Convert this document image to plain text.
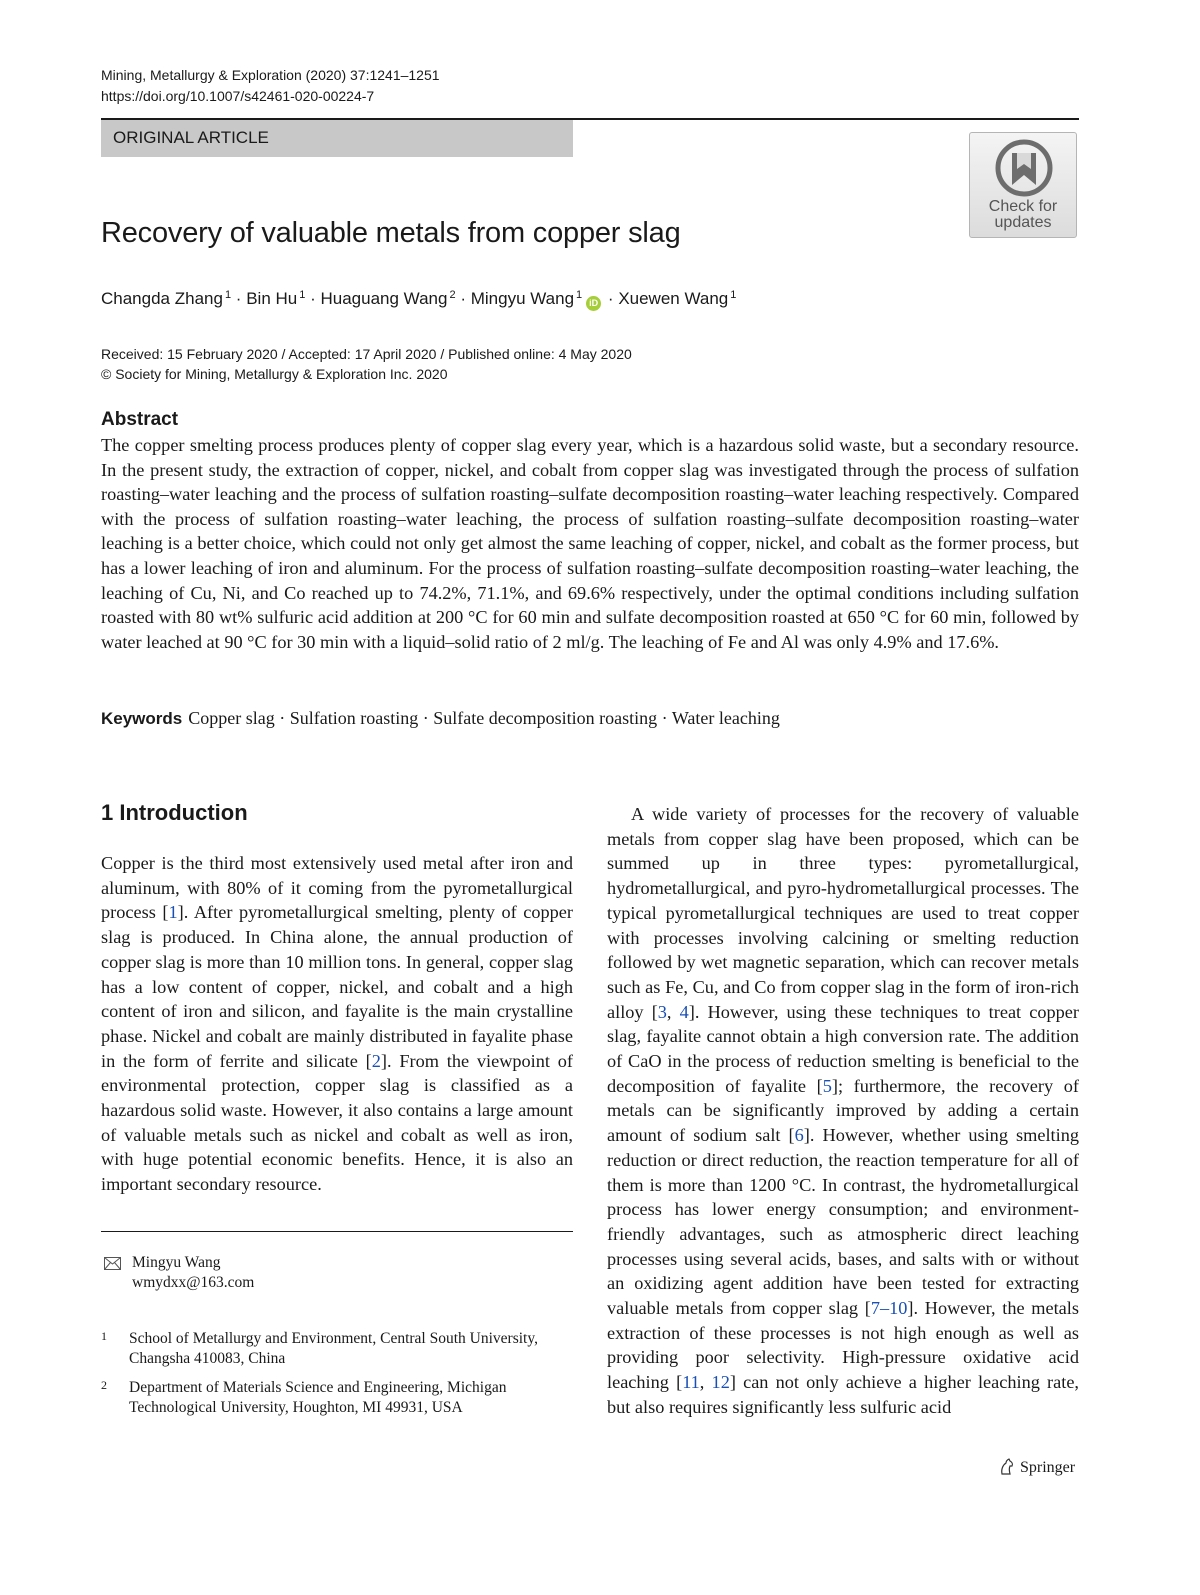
Mining, Metallurgy & Exploration (2020) 37:1241–1251
https://doi.org/10.1007/s42461-020-00224-7
ORIGINAL ARTICLE
Check for
updates
Recovery of valuable metals from copper slag
Changda Zhang $^1$ · Bin Hu $^1$ · Huaguang Wang $^2$ · Mingyu Wang $^1$iD · Xuewen Wang $^1$
Received: 15 February 2020 / Accepted: 17 April 2020 / Published online: 4 May 2020
© Society for Mining, Metallurgy & Exploration Inc. 2020
Abstract

The copper smelting process produces plenty of copper slag every year, which is a hazardous solid waste, but a secondary resource. In the present study, the extraction of copper, nickel, and cobalt from copper slag was investigated through the process of sulfation roasting–water leaching and the process of sulfation roasting–sulfate decomposition roasting–water leaching respectively. Compared with the process of sulfation roasting–water leaching, the process of sulfation roasting–sulfate decomposition roasting–water leaching is a better choice, which could not only get almost the same leaching of copper, nickel, and cobalt as the former process, but has a lower leaching of iron and aluminum. For the process of sulfation roasting–sulfate decomposition roasting–water leaching, the leaching of Cu, Ni, and Co reached up to 74.2%, 71.1%, and 69.6% respectively, under the optimal conditions including sulfation roasted with 80 wt% sulfuric acid addition at 200 °C for 60 min and sulfate decomposition roasted at 650 °C for 60 min, followed by water leached at 90 °C for 30 min with a liquid–solid ratio of 2 ml/g. The leaching of Fe and Al was only 4.9% and 17.6%.

Keywords Copper slag · Sulfation roasting · Sulfate decomposition roasting · Water leaching
1 Introduction

Copper is the third most extensively used metal after iron and aluminum, with 80% of it coming from the pyrometallurgical process [1]. After pyrometallurgical smelting, plenty of copper slag is produced. In China alone, the annual production of copper slag is more than 10 million tons. In general, copper slag has a low content of copper, nickel, and cobalt and a high content of iron and silicon, and fayalite is the main crystalline phase. Nickel and cobalt are mainly distributed in fayalite phase in the form of ferrite and silicate [2]. From the viewpoint of environmental protection, copper slag is classified as a hazardous solid waste. However, it also contains a large amount of valuable metals such as nickel and cobalt as well as iron, with huge potential economic benefits. Hence, it is also an important secondary resource.

A wide variety of processes for the recovery of valuable metals from copper slag have been proposed, which can be summed up in three types: pyrometallurgical, hydrometallurgical, and pyro-hydrometallurgical processes. The typical pyrometallurgical techniques are used to treat copper with processes involving calcining or smelting reduction followed by wet magnetic separation, which can recover metals such as Fe, Cu, and Co from copper slag in the form of iron-rich alloy [3, 4]. However, using these techniques to treat copper slag, fayalite cannot obtain a high conversion rate. The addition of CaO in the process of reduction smelting is beneficial to the decomposition of fayalite [5]; furthermore, the recovery of metals can be significantly improved by adding a certain amount of sodium salt [6]. However, whether using smelting reduction or direct reduction, the reaction temperature for all of them is more than 1200 °C. In contrast, the hydrometallurgical process has lower energy consumption; and environment-friendly advantages, such as atmospheric direct leaching processes using several acids, bases, and salts with or without an oxidizing agent addition have been tested for extracting valuable metals from copper slag [7–10]. However, the metals extraction of these processes is not high enough as well as providing poor selectivity. High-pressure oxidative acid leaching [11, 12] can not only achieve a higher leaching rate, but also requires significantly less sulfuric acid

Mingyu Wang
wmydxx@163.com
1 School of Metallurgy and Environment, Central South University, Changsha 410083, China
2 Department of Materials Science and Engineering, Michigan Technological University, Houghton, MI 49931, USA
Springer
